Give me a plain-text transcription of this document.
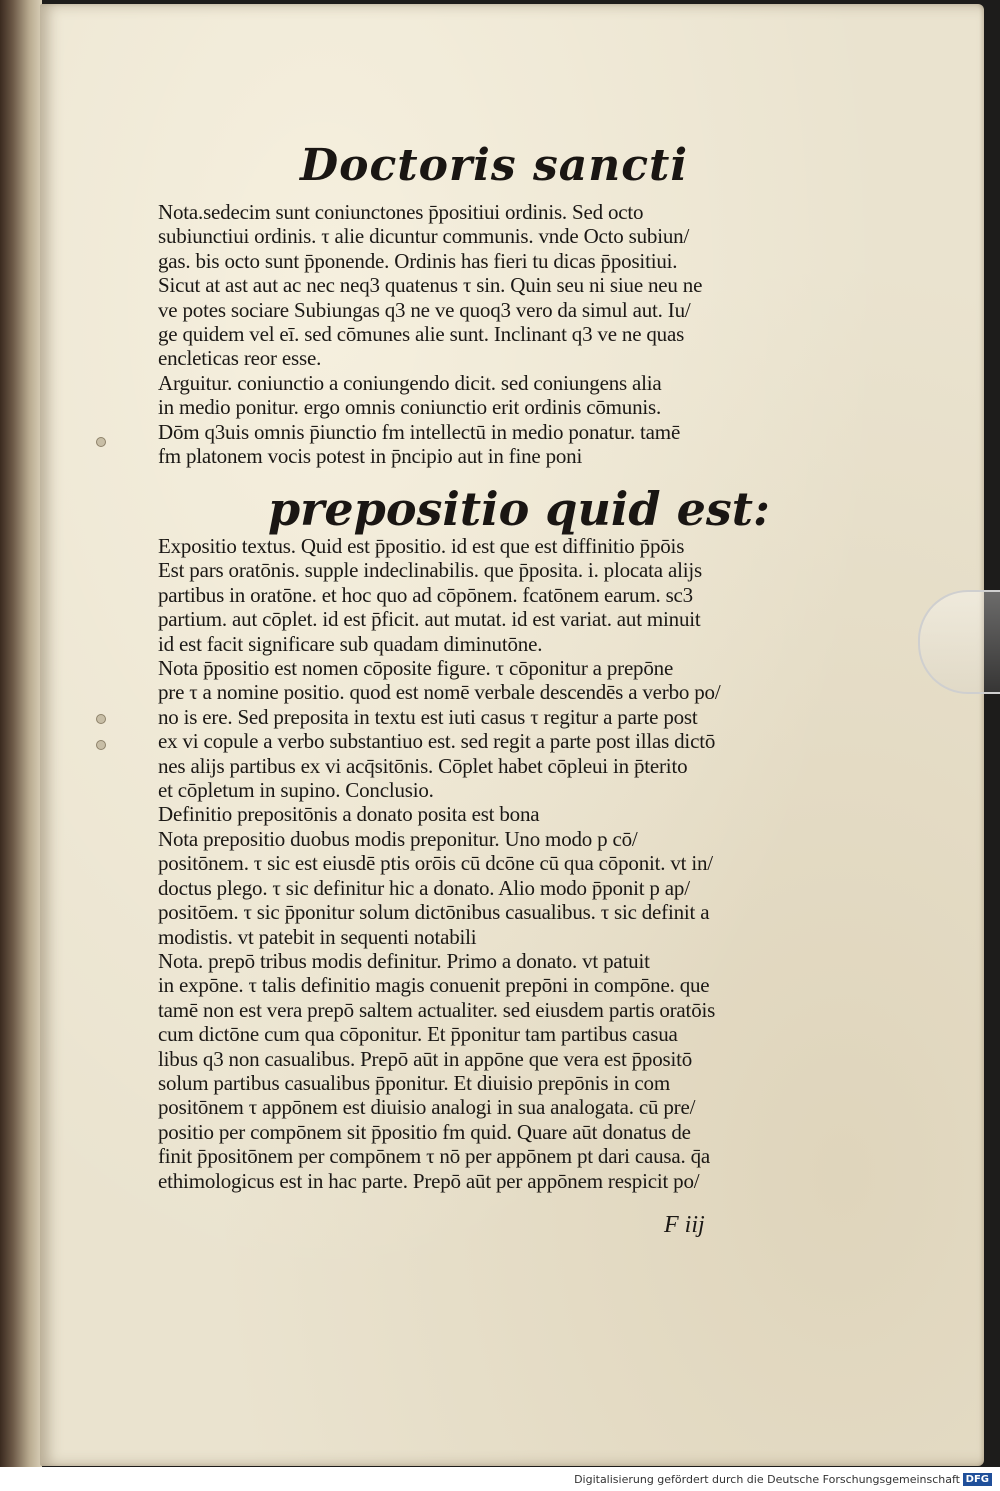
Doctoris sancti
Nota.sedecim sunt coniunctones p̄positiui ordinis. Sed octo
subiunctiui ordinis. τ alie dicuntur communis. vnde Octo subiun/
gas. bis octo sunt p̄ponende. Ordinis has fieri tu dicas p̄positiui.
Sicut at ast aut ac nec neq3 quatenus τ sin. Quin seu ni siue neu ne
ve potes sociare Subiungas q3 ne ve quoq3 vero da simul aut. Iu/
ge quidem vel eī. sed cōmunes alie sunt. Inclinant q3 ve ne quas
encleticas reor esse.
Arguitur. coniunctio a coniungendo dicit. sed coniungens alia
in medio ponitur. ergo omnis coniunctio erit ordinis cōmunis.
Dōm q3uis omnis p̄iunctio fm intellectū in medio ponatur. tamē
fm platonem vocis potest in p̄ncipio aut in fine poni
prepositio quid est:
Expositio textus. Quid est p̄positio. id est que est diffinitio p̄pōis
Est pars oratōnis. supple indeclinabilis. que p̄posita. i. plocata alijs
partibus in oratōne. et hoc quo ad cōpōnem. fcatōnem earum. sc3
partium. aut cōplet. id est p̄ficit. aut mutat. id est variat. aut minuit
id est facit significare sub quadam diminutōne.
Nota p̄positio est nomen cōposite figure. τ cōponitur a prepōne
pre τ a nomine positio. quod est nomē verbale descendēs a verbo po/
no is ere. Sed preposita in textu est iuti casus τ regitur a parte post
ex vi copule a verbo substantiuo est. sed regit a parte post illas dictō
nes alijs partibus ex vi acq̄sitōnis. Cōplet habet cōpleui in p̄terito
et cōpletum in supino. Conclusio.
Definitio prepositōnis a donato posita est bona
Nota prepositio duobus modis preponitur. Uno modo p cō/
positōnem. τ sic est eiusdē ptis orōis cū dcōne cū qua cōponit. vt in/
doctus plego. τ sic definitur hic a donato. Alio modo p̄ponit p ap/
positōem. τ sic p̄ponitur solum dictōnibus casualibus. τ sic definit a
modistis. vt patebit in sequenti notabili
Nota. prepō tribus modis definitur. Primo a donato. vt patuit
in expōne. τ talis definitio magis conuenit prepōni in compōne. que
tamē non est vera prepō saltem actualiter. sed eiusdem partis oratōis
cum dictōne cum qua cōponitur. Et p̄ponitur tam partibus casua
libus q3 non casualibus. Prepō aūt in appōne que vera est p̄positō
solum partibus casualibus p̄ponitur. Et diuisio prepōnis in com
positōnem τ appōnem est diuisio analogi in sua analogata. cū pre/
positio per compōnem sit p̄positio fm quid. Quare aūt donatus de
finit p̄positōnem per compōnem τ nō per appōnem pt dari causa. q̄a
ethimologicus est in hac parte. Prepō aūt per appōnem respicit po/
F iij
Digitalisierung gefördert durch die Deutsche Forschungsgemeinschaft DFG
